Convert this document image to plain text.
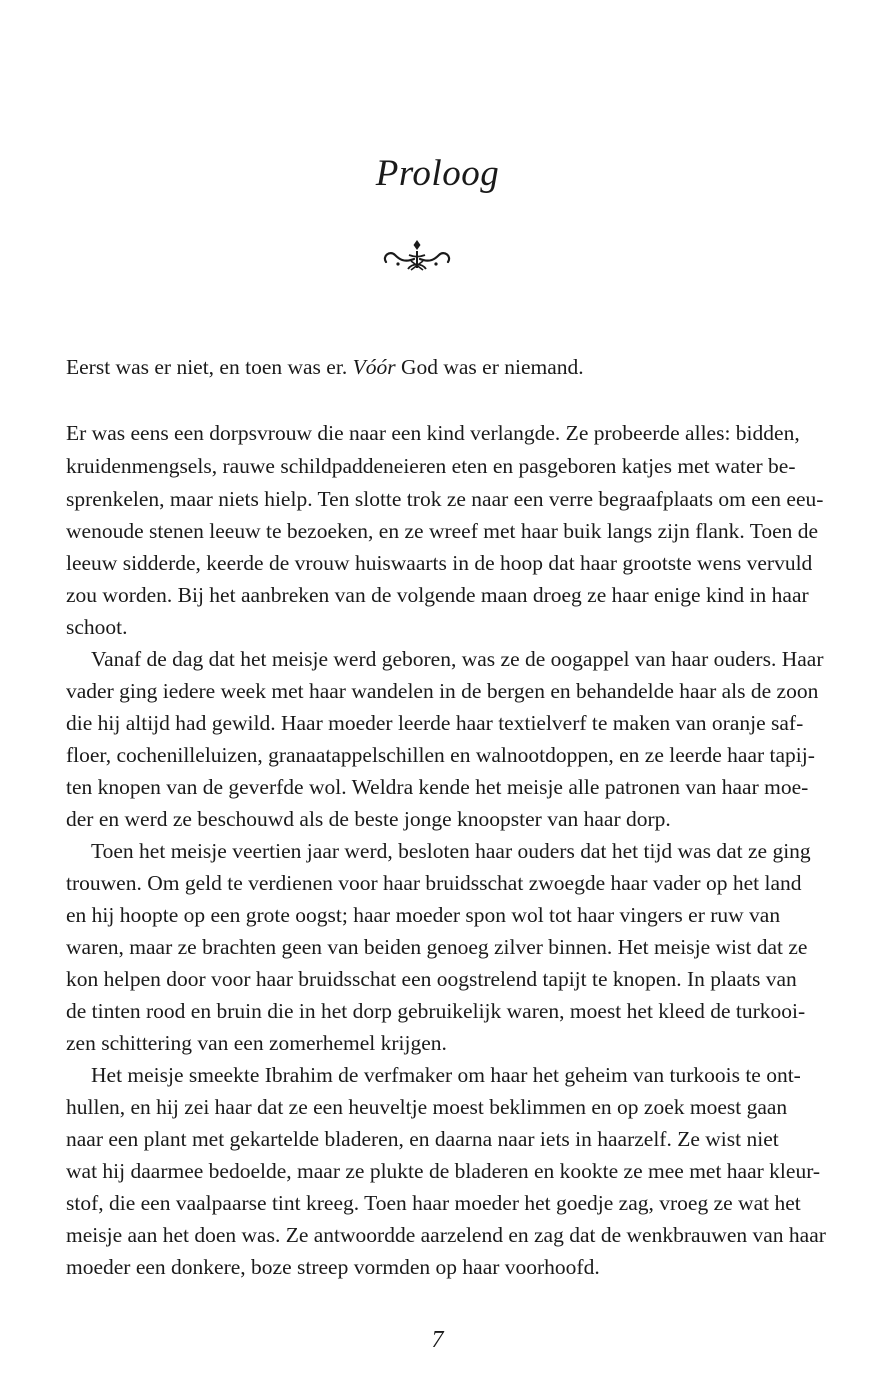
Proloog
Eerst was er niet, en toen was er. Vóór God was er niemand.
Er was eens een dorpsvrouw die naar een kind verlangde. Ze probeerde alles: bidden,
kruidenmengsels, rauwe schildpaddeneieren eten en pasgeboren katjes met water be-
sprenkelen, maar niets hielp. Ten slotte trok ze naar een verre begraafplaats om een eeu-
wenoude stenen leeuw te bezoeken, en ze wreef met haar buik langs zijn flank. Toen de
leeuw sidderde, keerde de vrouw huiswaarts in de hoop dat haar grootste wens vervuld
zou worden. Bij het aanbreken van de volgende maan droeg ze haar enige kind in haar
schoot.
Vanaf de dag dat het meisje werd geboren, was ze de oogappel van haar ouders. Haar
vader ging iedere week met haar wandelen in de bergen en behandelde haar als de zoon
die hij altijd had gewild. Haar moeder leerde haar textielverf te maken van oranje saf-
floer, cochenilleluizen, granaatappelschillen en walnootdoppen, en ze leerde haar tapij-
ten knopen van de geverfde wol. Weldra kende het meisje alle patronen van haar moe-
der en werd ze beschouwd als de beste jonge knoopster van haar dorp.
Toen het meisje veertien jaar werd, besloten haar ouders dat het tijd was dat ze ging
trouwen. Om geld te verdienen voor haar bruidsschat zwoegde haar vader op het land
en hij hoopte op een grote oogst; haar moeder spon wol tot haar vingers er ruw van
waren, maar ze brachten geen van beiden genoeg zilver binnen. Het meisje wist dat ze
kon helpen door voor haar bruidsschat een oogstrelend tapijt te knopen. In plaats van
de tinten rood en bruin die in het dorp gebruikelijk waren, moest het kleed de turkooi-
zen schittering van een zomerhemel krijgen.
Het meisje smeekte Ibrahim de verfmaker om haar het geheim van turkoois te ont-
hullen, en hij zei haar dat ze een heuveltje moest beklimmen en op zoek moest gaan
naar een plant met gekartelde bladeren, en daarna naar iets in haarzelf. Ze wist niet
wat hij daarmee bedoelde, maar ze plukte de bladeren en kookte ze mee met haar kleur-
stof, die een vaalpaarse tint kreeg. Toen haar moeder het goedje zag, vroeg ze wat het
meisje aan het doen was. Ze antwoordde aarzelend en zag dat de wenkbrauwen van haar
moeder een donkere, boze streep vormden op haar voorhoofd.
7
